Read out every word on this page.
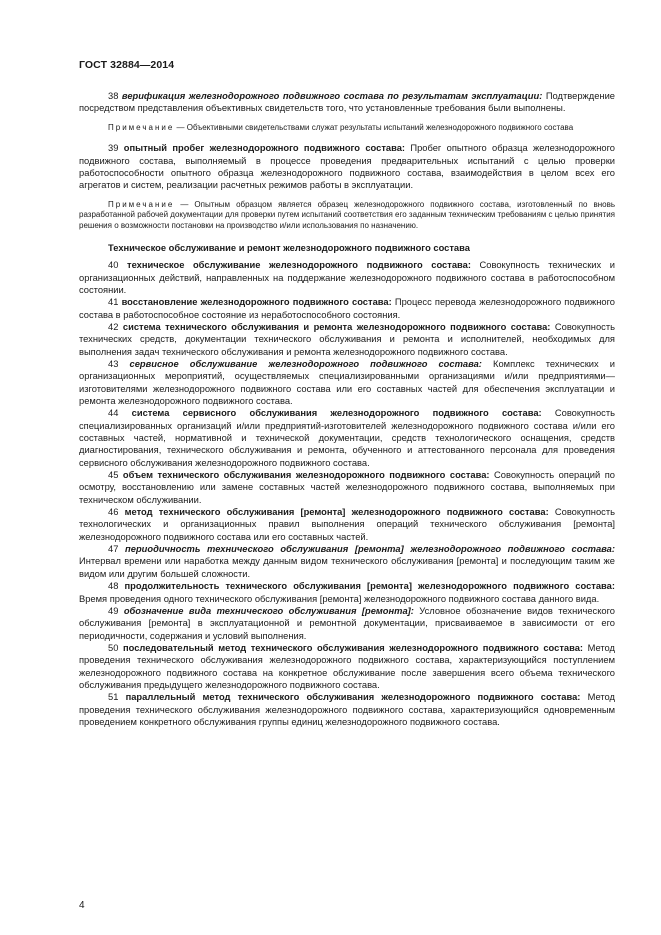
ГОСТ 32884—2014

38 верификация железнодорожного подвижного состава по результатам эксплуатации: Подтверждение посредством представления объективных свидетельств того, что установленные требования были выполнены.

Примечание — Объективными свидетельствами служат результаты испытаний железнодорожного подвижного состава

39 опытный пробег железнодорожного подвижного состава: Пробег опытного образца железнодорожного подвижного состава, выполняемый в процессе проведения предварительных испытаний с целью проверки работоспособности опытного образца железнодорожного подвижного состава, взаимодействия в целом всех его агрегатов и систем, реализации расчетных режимов работы в эксплуатации.

Примечание — Опытным образцом является образец железнодорожного подвижного состава, изготовленный по вновь разработанной рабочей документации для проверки путем испытаний соответствия его заданным техническим требованиям с целью принятия решения о возможности постановки на производство и/или использования по назначению.

Техническое обслуживание и ремонт железнодорожного подвижного состава

40 техническое обслуживание железнодорожного подвижного состава: Совокупность технических и организационных действий, направленных на поддержание железнодорожного подвижного состава в работоспособном состоянии.

41 восстановление железнодорожного подвижного состава: Процесс перевода железнодорожного подвижного состава в работоспособное состояние из неработоспособного состояния.

42 система технического обслуживания и ремонта железнодорожного подвижного состава: Совокупность технических средств, документации технического обслуживания и ремонта и исполнителей, необходимых для выполнения задач технического обслуживания и ремонта железнодорожного подвижного состава.

43 сервисное обслуживание железнодорожного подвижного состава: Комплекс технических и организационных мероприятий, осуществляемых специализированными организациями и/или предприятиями—изготовителями железнодорожного подвижного состава или его составных частей для обеспечения эксплуатации и ремонта железнодорожного подвижного состава.

44 система сервисного обслуживания железнодорожного подвижного состава: Совокупность специализированных организаций и/или предприятий-изготовителей железнодорожного подвижного состава и/или его составных частей, нормативной и технической документации, средств технологического оснащения, средств диагностирования, технического обслуживания и ремонта, обученного и аттестованного персонала для проведения сервисного обслуживания железнодорожного подвижного состава.

45 объем технического обслуживания железнодорожного подвижного состава: Совокупность операций по осмотру, восстановлению или замене составных частей железнодорожного подвижного состава, выполняемых при техническом обслуживании.

46 метод технического обслуживания [ремонта] железнодорожного подвижного состава: Совокупность технологических и организационных правил выполнения операций технического обслуживания [ремонта] железнодорожного подвижного состава или его составных частей.

47 периодичность технического обслуживания [ремонта] железнодорожного подвижного состава: Интервал времени или наработка между данным видом технического обслуживания [ремонта] и последующим таким же видом или другим большей сложности.

48 продолжительность технического обслуживания [ремонта] железнодорожного подвижного состава: Время проведения одного технического обслуживания [ремонта] железнодорожного подвижного состава данного вида.

49 обозначение вида технического обслуживания [ремонта]: Условное обозначение видов технического обслуживания [ремонта] в эксплуатационной и ремонтной документации, присваиваемое в зависимости от его периодичности, содержания и условий выполнения.

50 последовательный метод технического обслуживания железнодорожного подвижного состава: Метод проведения технического обслуживания железнодорожного подвижного состава, характеризующийся поступлением железнодорожного подвижного состава на конкретное обслуживание после завершения всего объема технического обслуживания предыдущего железнодорожного подвижного состава.

51 параллельный метод технического обслуживания железнодорожного подвижного состава: Метод проведения технического обслуживания железнодорожного подвижного состава, характеризующийся одновременным проведением конкретного обслуживания группы единиц железнодорожного подвижного состава.

4
